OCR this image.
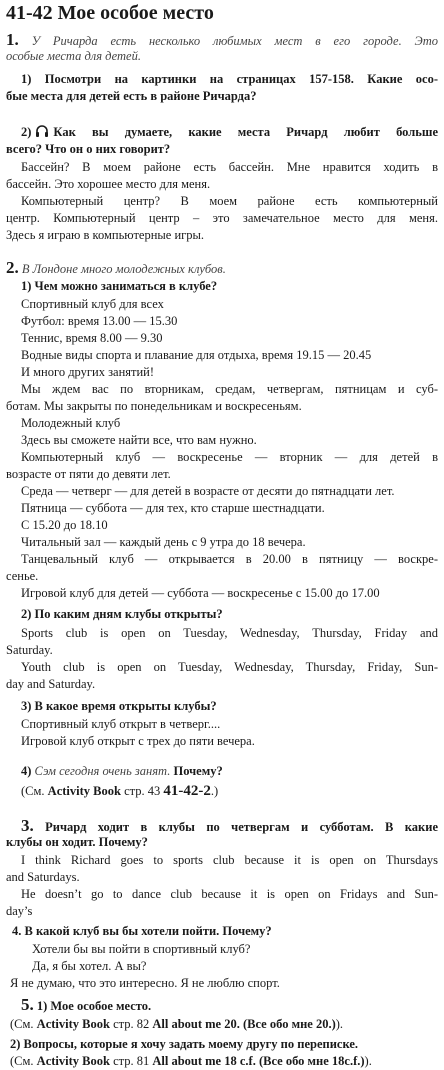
41-42 Мое особое место
1. У Ричарда есть несколько любимых мест в его городе. Это
особые места для детей.
1) Посмотри на картинки на страницах 157-158. Какие осо-
бые места для детей есть в районе Ричарда?
2) Как вы думаете, какие места Ричард любит больше
всего? Что он о них говорит?
Бассейн? В моем районе есть бассейн. Мне нравится ходить в
бассейн. Это хорошее место для меня.
Компьютерный центр? В моем районе есть компьютерный
центр. Компьютерный центр – это замечательное место для меня.
Здесь я играю в компьютерные игры.
2. В Лондоне много молодежных клубов.
1) Чем можно заниматься в клубе?
Спортивный клуб для всех
Футбол: время 13.00 — 15.30
Теннис, время 8.00 — 9.30
Водные виды спорта и плавание для отдыха, время 19.15 — 20.45
И много других занятий!
Мы ждем вас по вторникам, средам, четвергам, пятницам и суб-
ботам. Мы закрыты по понедельникам и воскресеньям.
Молодежный клуб
Здесь вы сможете найти все, что вам нужно.
Компьютерный клуб — воскресенье — вторник — для детей в
возрасте от пяти до девяти лет.
Среда — четверг — для детей в возрасте от десяти до пятнадцати лет.
Пятница — суббота — для тех, кто старше шестнадцати.
С 15.20 до 18.10
Читальный зал — каждый день с 9 утра до 18 вечера.
Танцевальный клуб — открывается в 20.00 в пятницу — воскре-
сенье.
Игровой клуб для детей — суббота — воскресенье с 15.00 до 17.00
2) По каким дням клубы открыты?
Sports club is open on Tuesday, Wednesday, Thursday, Friday and
Saturday.
Youth club is open on Tuesday, Wednesday, Thursday, Friday, Sun-
day and Saturday.
3) В какое время открыты клубы?
Спортивный клуб открыт в четверг....
Игровой клуб открыт с трех до пяти вечера.
4) Сэм сегодня очень занят. Почему?
(См. Activity Book стр. 43 41-42-2.)
3. Ричард ходит в клубы по четвергам и субботам. В какие
клубы он ходит. Почему?
I think Richard goes to sports club because it is open on Thursdays
and Saturdays.
He doesn’t go to dance club because it is open on Fridays and Sun-
day’s
4. В какой клуб вы бы хотели пойти. Почему?
Хотели бы вы пойти в спортивный клуб?
Да, я бы хотел. А вы?
Я не думаю, что это интересно. Я не люблю спорт.
5. 1) Мое особое место.
(См. Activity Book стр. 82 All about me 20. (Все обо мне 20.)).
2) Вопросы, которые я хочу задать моему другу по переписке.
(См. Activity Book стр. 81 All about me 18 c.f. (Все обо мне 18c.f.)).
